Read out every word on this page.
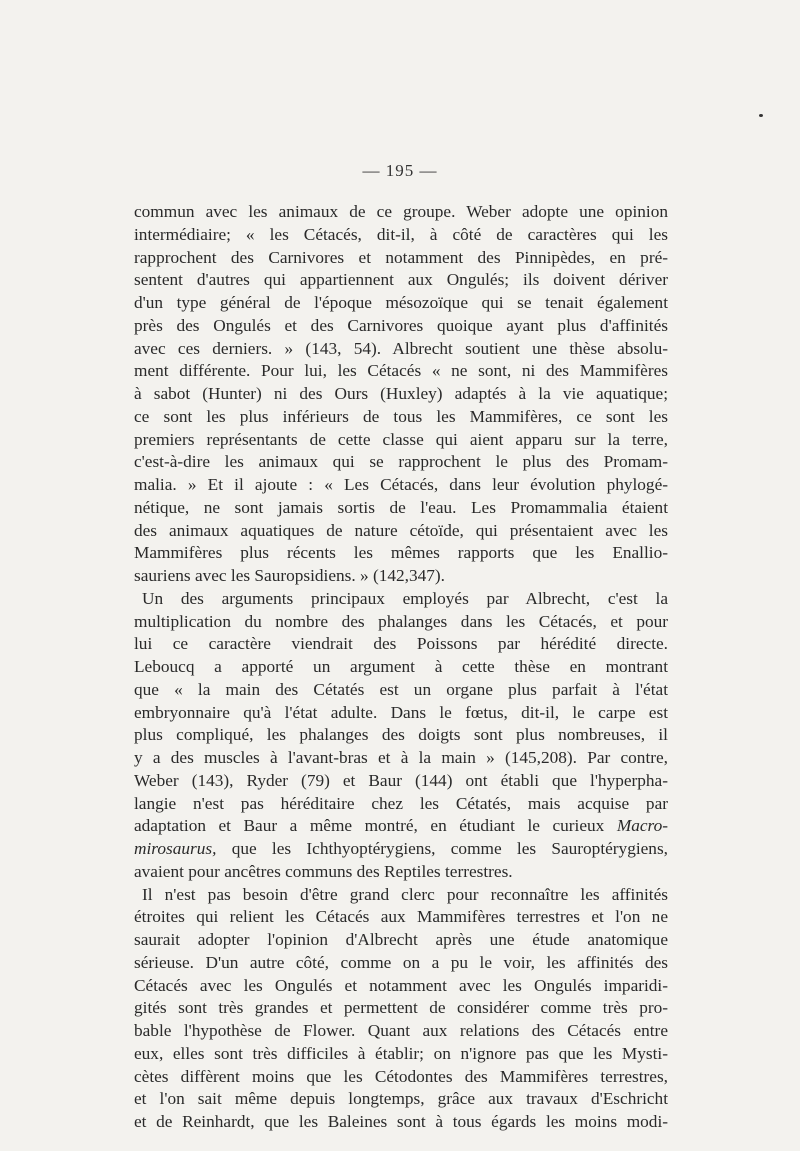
— 195 —
commun avec les animaux de ce groupe. Weber adopte une opinion
intermédiaire; « les Cétacés, dit-il, à côté de caractères qui les
rapprochent des Carnivores et notamment des Pinnipèdes, en pré-
sentent d'autres qui appartiennent aux Ongulés; ils doivent dériver
d'un type général de l'époque mésozoïque qui se tenait également
près des Ongulés et des Carnivores quoique ayant plus d'affinités
avec ces derniers. » (143, 54). Albrecht soutient une thèse absolu-
ment différente. Pour lui, les Cétacés « ne sont, ni des Mammifères
à sabot (Hunter) ni des Ours (Huxley) adaptés à la vie aquatique;
ce sont les plus inférieurs de tous les Mammifères, ce sont les
premiers représentants de cette classe qui aient apparu sur la terre,
c'est-à-dire les animaux qui se rapprochent le plus des Promam-
malia. » Et il ajoute : « Les Cétacés, dans leur évolution phylogé-
nétique, ne sont jamais sortis de l'eau. Les Promammalia étaient
des animaux aquatiques de nature cétoïde, qui présentaient avec les
Mammifères plus récents les mêmes rapports que les Enallio-
sauriens avec les Sauropsidiens. » (142,347).
Un des arguments principaux employés par Albrecht, c'est la
multiplication du nombre des phalanges dans les Cétacés, et pour
lui ce caractère viendrait des Poissons par hérédité directe.
Leboucq a apporté un argument à cette thèse en montrant
que « la main des Cétatés est un organe plus parfait à l'état
embryonnaire qu'à l'état adulte. Dans le fœtus, dit-il, le carpe est
plus compliqué, les phalanges des doigts sont plus nombreuses, il
y a des muscles à l'avant-bras et à la main » (145,208). Par contre,
Weber (143), Ryder (79) et Baur (144) ont établi que l'hyperpha-
langie n'est pas héréditaire chez les Cétatés, mais acquise par
adaptation et Baur a même montré, en étudiant le curieux Macro-
mirosaurus, que les Ichthyoptérygiens, comme les Sauroptérygiens,
avaient pour ancêtres communs des Reptiles terrestres.
Il n'est pas besoin d'être grand clerc pour reconnaître les affinités
étroites qui relient les Cétacés aux Mammifères terrestres et l'on ne
saurait adopter l'opinion d'Albrecht après une étude anatomique
sérieuse. D'un autre côté, comme on a pu le voir, les affinités des
Cétacés avec les Ongulés et notamment avec les Ongulés imparidi-
gités sont très grandes et permettent de considérer comme très pro-
bable l'hypothèse de Flower. Quant aux relations des Cétacés entre
eux, elles sont très difficiles à établir; on n'ignore pas que les Mysti-
cètes diffèrent moins que les Cétodontes des Mammifères terrestres,
et l'on sait même depuis longtemps, grâce aux travaux d'Eschricht
et de Reinhardt, que les Baleines sont à tous égards les moins modi-
